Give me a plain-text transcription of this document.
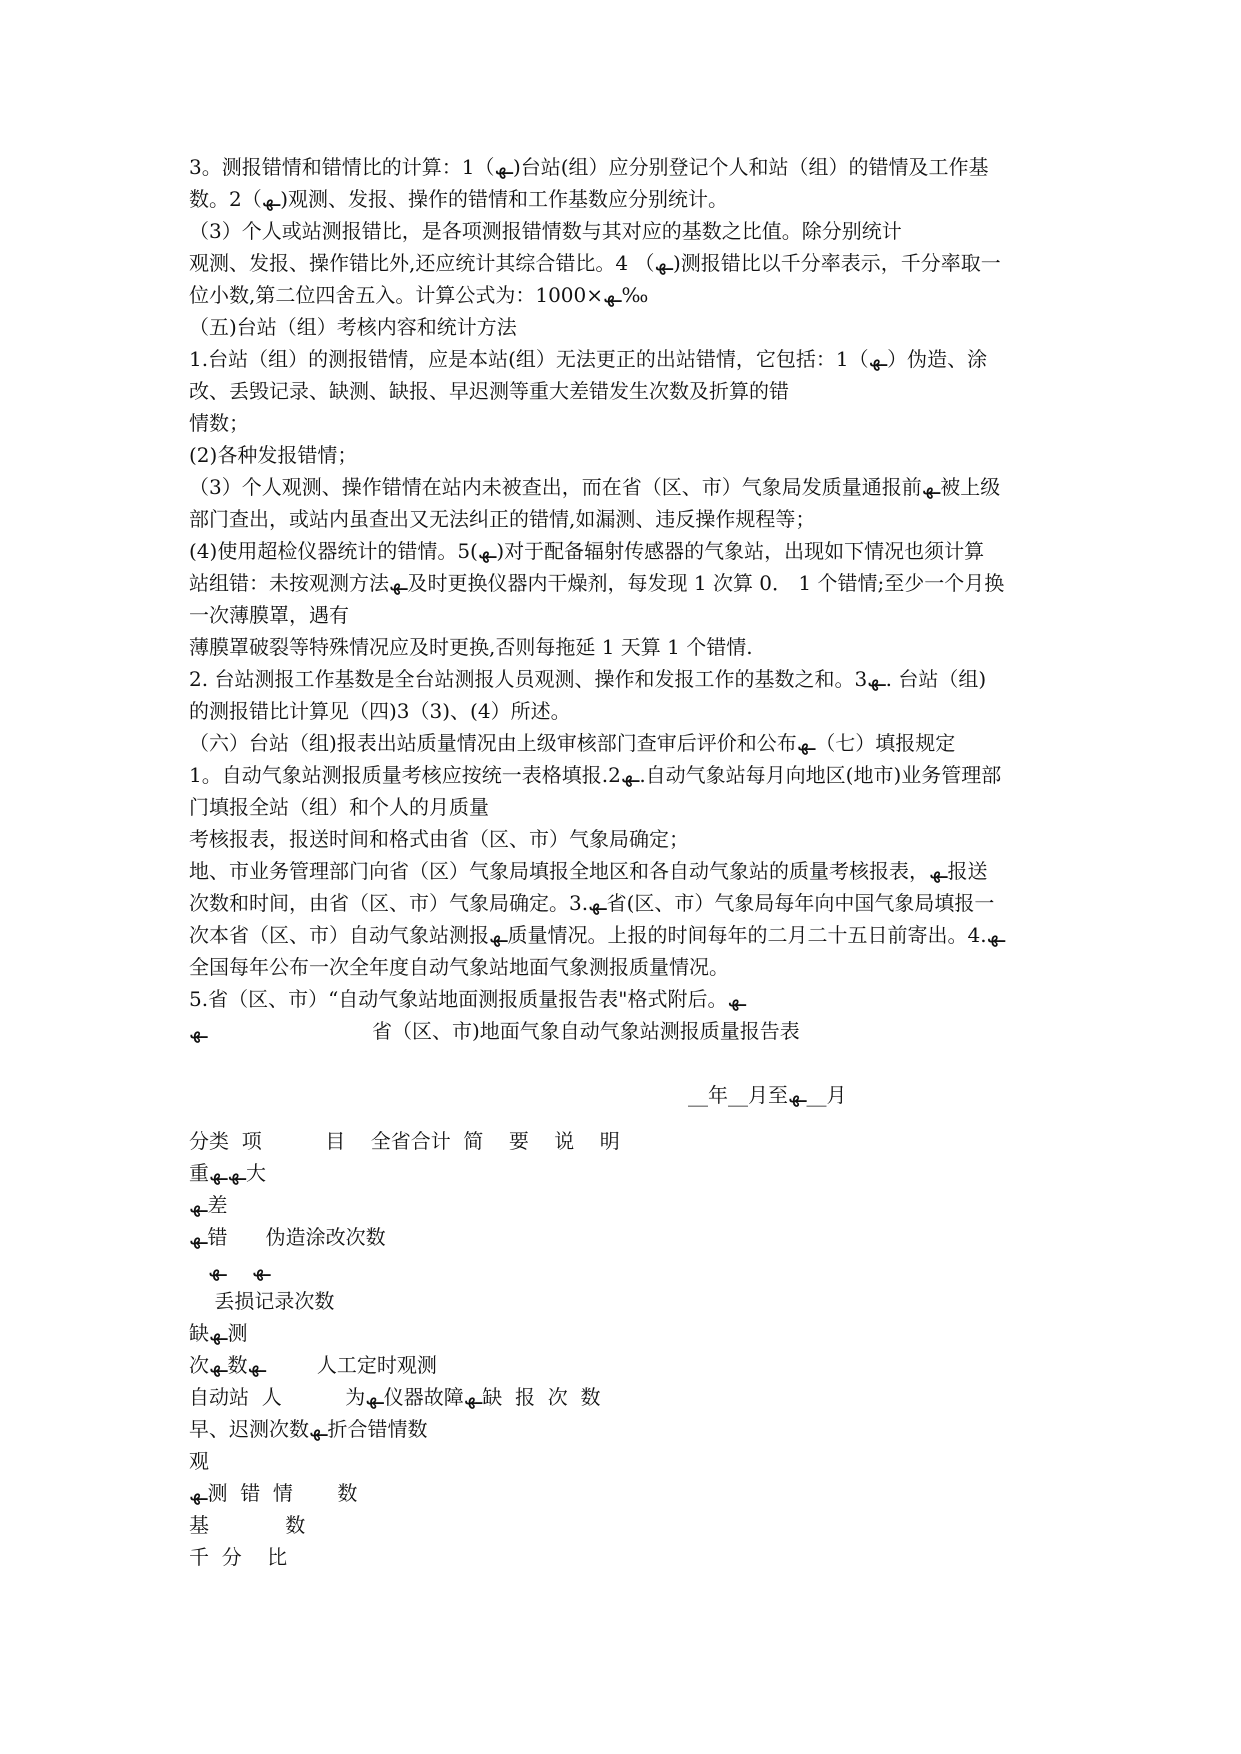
3。测报错情和错情比的计算：1（ـﮫ)台站(组）应分别登记个人和站（组）的错情及工作基
数。2（ـﮫ)观测、发报、操作的错情和工作基数应分别统计。
（3）个人或站测报错比，是各项测报错情数与其对应的基数之比值。除分别统计
观测、发报、操作错比外,还应统计其综合错比。4 （ـﮫ)测报错比以千分率表示，千分率取一
位小数,第二位四舍五入。计算公式为：1000×ـﮫ‰
（五)台站（组）考核内容和统计方法
1.台站（组）的测报错情，应是本站(组）无法更正的出站错情，它包括：1（ـﮫ）伪造、涂
改、丢毁记录、缺测、缺报、早迟测等重大差错发生次数及折算的错
情数；
(2)各种发报错情；
（3）个人观测、操作错情在站内未被查出，而在省（区、市）气象局发质量通报前ـﮫ被上级
部门查出，或站内虽查出又无法纠正的错情,如漏测、违反操作规程等；
(4)使用超检仪器统计的错情。5(ـﮫ)对于配备辐射传感器的气象站，出现如下情况也须计算
站组错：未按观测方法ـﮫ及时更换仪器内干燥剂，每发现 1 次算 0． 1 个错情;至少一个月换
一次薄膜罩，遇有
薄膜罩破裂等特殊情况应及时更换,否则每拖延 1 天算 1 个错情.
2. 台站测报工作基数是全台站测报人员观测、操作和发报工作的基数之和。3ـﮫ. 台站（组)
的测报错比计算见（四)3（3)、(4）所述。
（六）台站（组)报表出站质量情况由上级审核部门查审后评价和公布ـﮫ（七）填报规定
1。自动气象站测报质量考核应按统一表格填报.2ـﮫ.自动气象站每月向地区(地市)业务管理部
门填报全站（组）和个人的月质量
考核报表，报送时间和格式由省（区、市）气象局确定；
地、市业务管理部门向省（区）气象局填报全地区和各自动气象站的质量考核报表，ـﮫ报送
次数和时间，由省（区、市）气象局确定。3.ـﮫ省(区、市）气象局每年向中国气象局填报一
次本省（区、市）自动气象站测报ـﮫ质量情况。上报的时间每年的二月二十五日前寄出。4.ـﮫ
全国每年公布一次全年度自动气象站地面气象测报质量情况。
5.省（区、市）“自动气象站地面测报质量报告表"格式附后。ـﮫ
ـﮫ	省（区、市)地面气象自动气象站测报质量报告表
__年__月至ـﮫ__月
分类  项          目    全省合计  简    要    说    明
重ـﮫـﮫ大
ـﮫ差
ـﮫ错      伪造涂改次数
ـﮫ    ـﮫ
丢损记录次数
缺ـﮫ测
次ـﮫ数ـﮫ        人工定时观测
自动站  人          为ـﮫ仪器故障ـﮫ缺  报  次  数
早、迟测次数ـﮫ折合错情数
观
ـﮫ测  错  情       数
基            数
千  分    比
